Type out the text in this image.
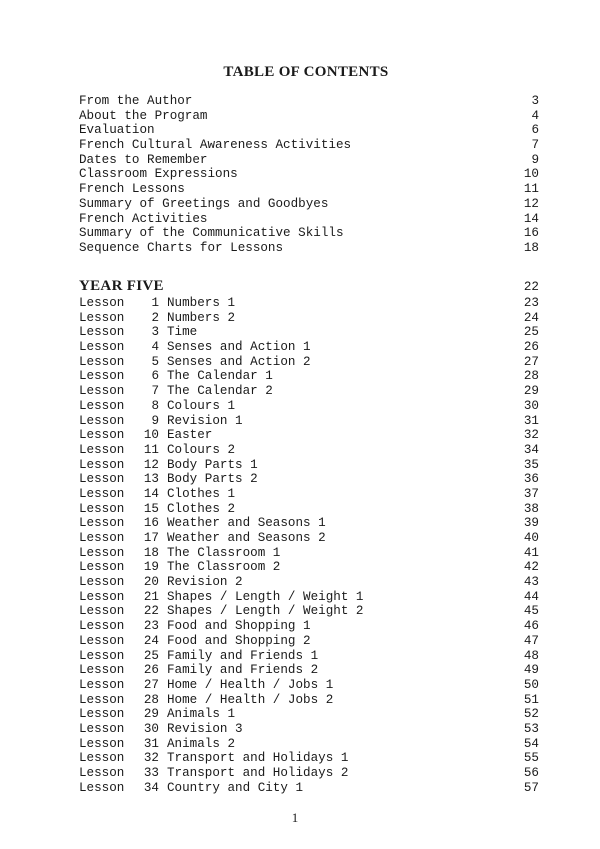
TABLE OF CONTENTS
From the Author	3
About the Program	4
Evaluation	6
French Cultural Awareness Activities	7
Dates to Remember	9
Classroom Expressions	10
French Lessons	11
Summary of Greetings and Goodbyes	12
French Activities	14
Summary of the Communicative Skills	16
Sequence Charts for Lessons	18
YEAR FIVE	22
Lesson 1 Numbers 1	23
Lesson 2 Numbers 2	24
Lesson 3 Time	25
Lesson 4 Senses and Action 1	26
Lesson 5 Senses and Action 2	27
Lesson 6 The Calendar 1	28
Lesson 7 The Calendar 2	29
Lesson 8 Colours 1	30
Lesson 9 Revision 1	31
Lesson 10 Easter	32
Lesson 11 Colours 2	34
Lesson 12 Body Parts 1	35
Lesson 13 Body Parts 2	36
Lesson 14 Clothes 1	37
Lesson 15 Clothes 2	38
Lesson 16 Weather and Seasons 1	39
Lesson 17 Weather and Seasons 2	40
Lesson 18 The Classroom 1	41
Lesson 19 The Classroom 2	42
Lesson 20 Revision 2	43
Lesson 21 Shapes / Length / Weight 1	44
Lesson 22 Shapes / Length / Weight 2	45
Lesson 23 Food and Shopping 1	46
Lesson 24 Food and Shopping 2	47
Lesson 25 Family and Friends 1	48
Lesson 26 Family and Friends 2	49
Lesson 27 Home / Health / Jobs 1	50
Lesson 28 Home / Health / Jobs 2	51
Lesson 29 Animals 1	52
Lesson 30 Revision 3	53
Lesson 31 Animals 2	54
Lesson 32 Transport and Holidays 1	55
Lesson 33 Transport and Holidays 2	56
Lesson 34 Country and City 1	57
1
